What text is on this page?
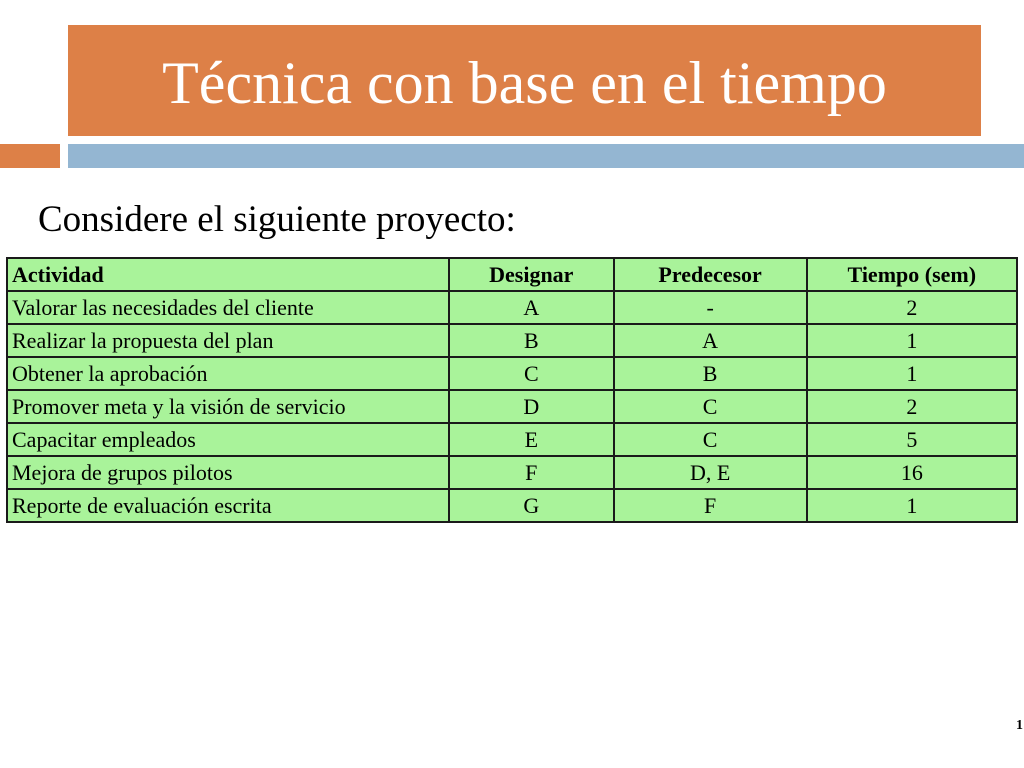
Técnica con base en el tiempo
Considere el siguiente proyecto:
Actividad	Designar	Predecesor	Tiempo (sem)
Valorar las necesidades del cliente	A	-	2
Realizar la propuesta del plan	B	A	1
Obtener la aprobación	C	B	1
Promover meta y la visión de servicio	D	C	2
Capacitar empleados	E	C	5
Mejora de grupos pilotos	F	D, E	16
Reporte de evaluación escrita	G	F	1
1
